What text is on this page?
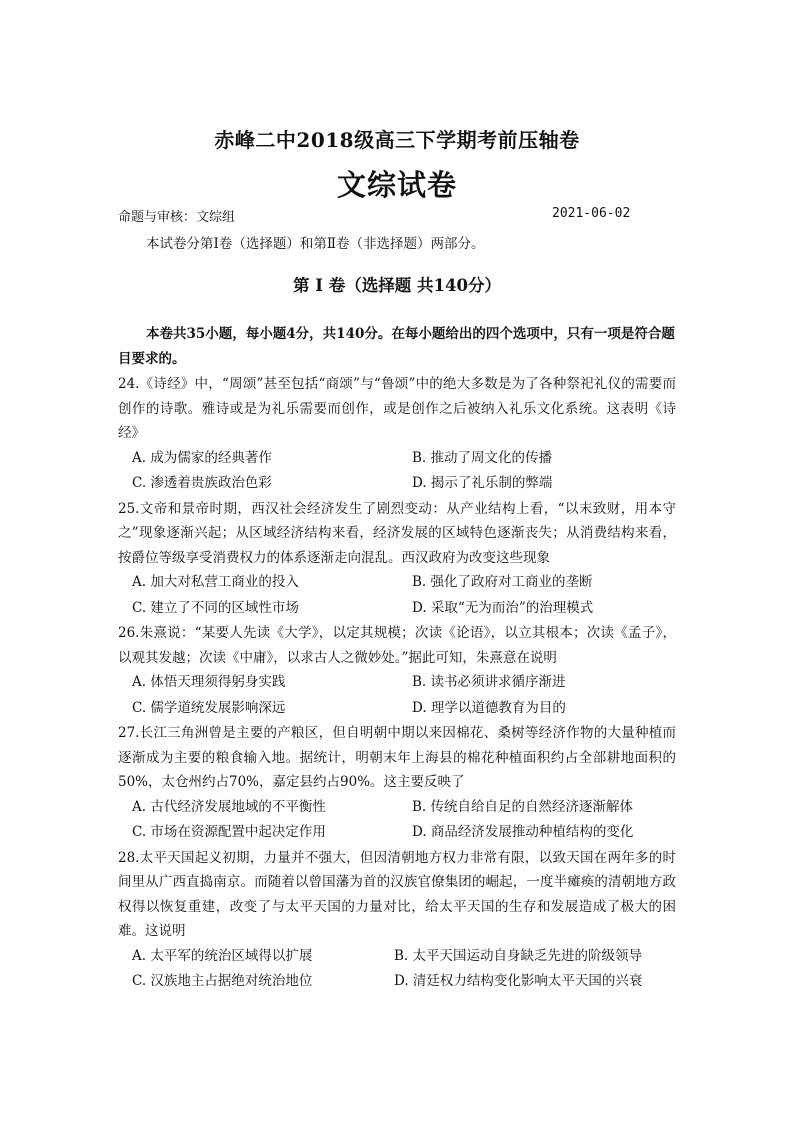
赤峰二中2018级高三下学期考前压轴卷
文综试卷
命题与审核：文综组	2021-06-02
本试卷分第Ⅰ卷（选择题）和第Ⅱ卷（非选择题）两部分。
第 Ⅰ 卷（选择题 共140分）

本卷共35小题，每小题4分，共140分。在每小题给出的四个选项中，只有一项是符合题目要求的。

24.《诗经》中，“周颂”甚至包括“商颂”与“鲁颂”中的绝大多数是为了各种祭祀礼仪的需要而创作的诗歌。雅诗或是为礼乐需要而创作，或是创作之后被纳入礼乐文化系统。这表明《诗经》

A. 成为儒家的经典著作	B. 推动了周文化的传播
C. 渗透着贵族政治色彩	D. 揭示了礼乐制的弊端

25.文帝和景帝时期，西汉社会经济发生了剧烈变动：从产业结构上看，“以末致财，用本守之”现象逐渐兴起；从区域经济结构来看，经济发展的区域特色逐渐丧失；从消费结构来看，按爵位等级享受消费权力的体系逐渐走向混乱。西汉政府为改变这些现象

A. 加大对私营工商业的投入	B. 强化了政府对工商业的垄断
C. 建立了不同的区域性市场	D. 采取“无为而治”的治理模式

26.朱熹说：“某要人先读《大学》，以定其规模；次读《论语》，以立其根本；次读《孟子》，以观其发越；次读《中庸》，以求古人之微妙处。”据此可知，朱熹意在说明

A. 体悟天理须得躬身实践	B. 读书必须讲求循序渐进
C. 儒学道统发展影响深远	D. 理学以道德教育为目的

27.长江三角洲曾是主要的产粮区，但自明朝中期以来因棉花、桑树等经济作物的大量种植而逐渐成为主要的粮食输入地。据统计，明朝末年上海县的棉花种植面积约占全部耕地面积的50%，太仓州约占70%，嘉定县约占90%。这主要反映了

A. 古代经济发展地域的不平衡性	B. 传统自给自足的自然经济逐渐解体
C. 市场在资源配置中起决定作用	D. 商品经济发展推动种植结构的变化

28.太平天国起义初期，力量并不强大，但因清朝地方权力非常有限，以致天国在两年多的时间里从广西直捣南京。而随着以曾国藩为首的汉族官僚集团的崛起，一度半瘫痪的清朝地方政权得以恢复重建，改变了与太平天国的力量对比，给太平天国的生存和发展造成了极大的困难。这说明

A. 太平军的统治区域得以扩展	B. 太平天国运动自身缺乏先进的阶级领导
C. 汉族地主占据绝对统治地位	D. 清廷权力结构变化影响太平天国的兴衰
